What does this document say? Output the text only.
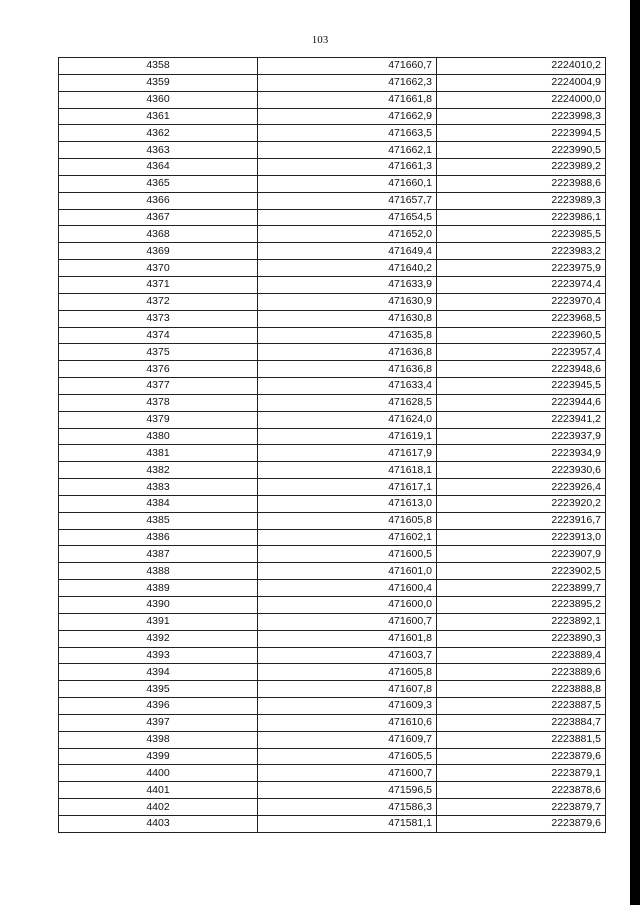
103
4358	471660,7	2224010,2
4359	471662,3	2224004,9
4360	471661,8	2224000,0
4361	471662,9	2223998,3
4362	471663,5	2223994,5
4363	471662,1	2223990,5
4364	471661,3	2223989,2
4365	471660,1	2223988,6
4366	471657,7	2223989,3
4367	471654,5	2223986,1
4368	471652,0	2223985,5
4369	471649,4	2223983,2
4370	471640,2	2223975,9
4371	471633,9	2223974,4
4372	471630,9	2223970,4
4373	471630,8	2223968,5
4374	471635,8	2223960,5
4375	471636,8	2223957,4
4376	471636,8	2223948,6
4377	471633,4	2223945,5
4378	471628,5	2223944,6
4379	471624,0	2223941,2
4380	471619,1	2223937,9
4381	471617,9	2223934,9
4382	471618,1	2223930,6
4383	471617,1	2223926,4
4384	471613,0	2223920,2
4385	471605,8	2223916,7
4386	471602,1	2223913,0
4387	471600,5	2223907,9
4388	471601,0	2223902,5
4389	471600,4	2223899,7
4390	471600,0	2223895,2
4391	471600,7	2223892,1
4392	471601,8	2223890,3
4393	471603,7	2223889,4
4394	471605,8	2223889,6
4395	471607,8	2223888,8
4396	471609,3	2223887,5
4397	471610,6	2223884,7
4398	471609,7	2223881,5
4399	471605,5	2223879,6
4400	471600,7	2223879,1
4401	471596,5	2223878,6
4402	471586,3	2223879,7
4403	471581,1	2223879,6
